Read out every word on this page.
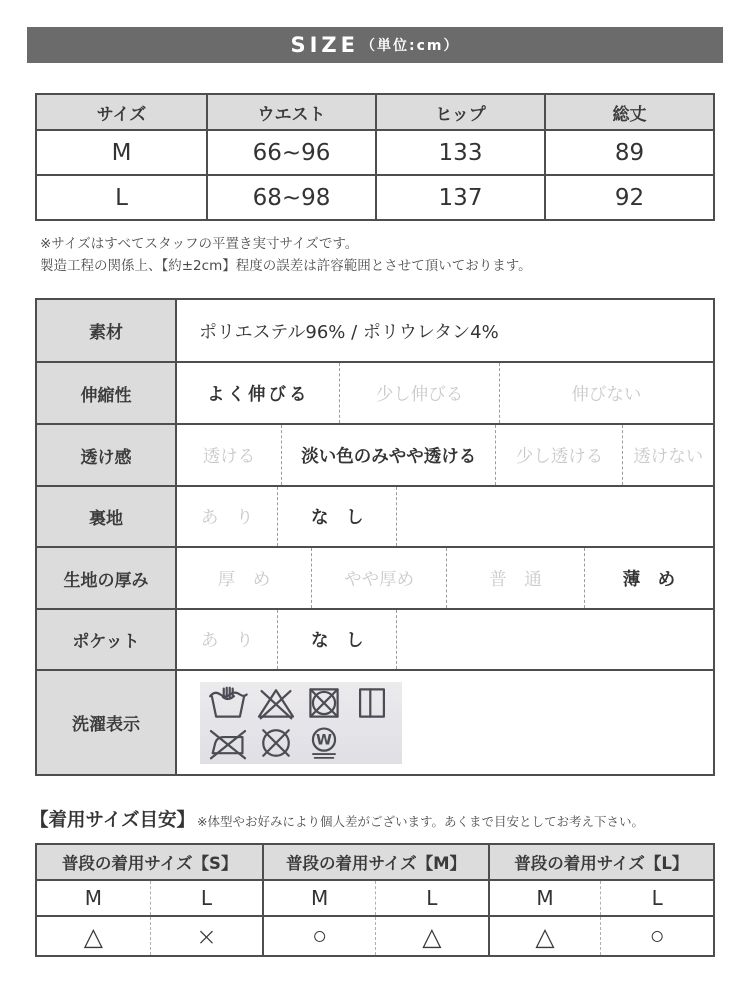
SIZE （単位:cm）
サイズ	ウエスト	ヒップ	総丈
M	66~96	133	89
L	68~98	137	92
※サイズはすべてスタッフの平置き実寸サイズです。
製造工程の関係上、【約±2cm】程度の誤差は許容範囲とさせて頂いております。
素材	ポリエステル96% / ポリウレタン4%
伸縮性	よく伸びる	少し伸びる	伸びない
透け感	透ける	淡い色のみやや透ける	少し透ける	透けない
裏地	あ　り	な　し
生地の厚み	厚　め	やや厚め	普　通	薄　め
ポケット	あ　り	な　し
洗濯表示
W
【着用サイズ目安】 ※体型やお好みにより個人差がございます。あくまで目安としてお考え下さい。
普段の着用サイズ【S】	普段の着用サイズ【M】	普段の着用サイズ【L】
M	L	M	L	M	L
△	×	○	△	△	○
